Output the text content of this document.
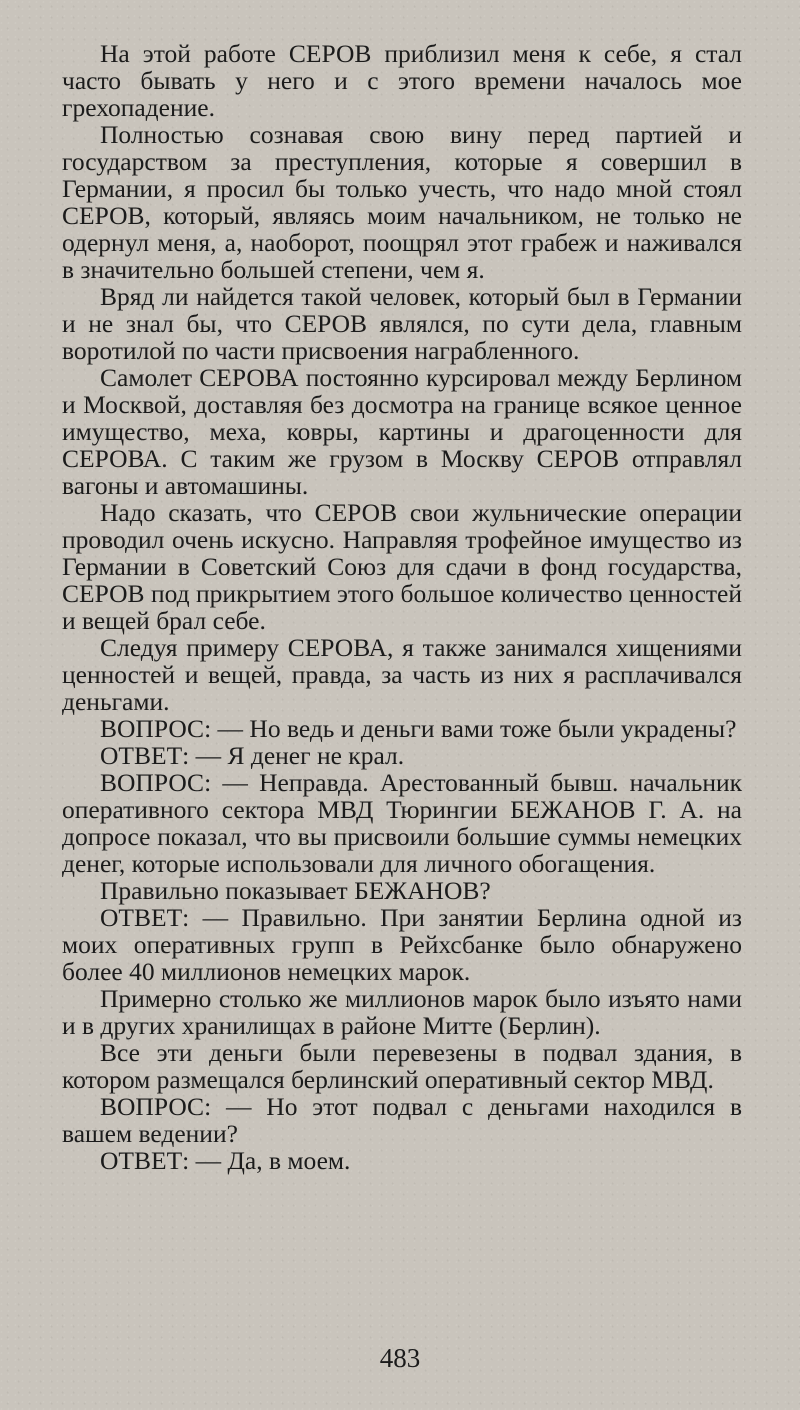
На этой работе СЕРОВ приблизил меня к себе, я стал часто бывать у него и с этого времени началось мое грехопадение.

Полностью сознавая свою вину перед партией и государством за преступления, которые я совершил в Германии, я просил бы только учесть, что надо мной стоял СЕРОВ, который, являясь моим начальником, не только не одернул меня, а, наоборот, поощрял этот грабеж и наживался в значительно большей степени, чем я.

Вряд ли найдется такой человек, который был в Германии и не знал бы, что СЕРОВ являлся, по сути дела, главным воротилой по части присвоения награбленного.

Самолет СЕРОВА постоянно курсировал между Берлином и Москвой, доставляя без досмотра на границе всякое ценное имущество, меха, ковры, картины и драгоценности для СЕРОВА. С таким же грузом в Москву СЕРОВ отправлял вагоны и автомашины.

Надо сказать, что СЕРОВ свои жульнические операции проводил очень искусно. Направляя трофейное имущество из Германии в Советский Союз для сдачи в фонд государства, СЕРОВ под прикрытием этого большое количество ценностей и вещей брал себе.

Следуя примеру СЕРОВА, я также занимался хищениями ценностей и вещей, правда, за часть из них я расплачивался деньгами.

ВОПРОС: — Но ведь и деньги вами тоже были украдены?

ОТВЕТ: — Я денег не крал.

ВОПРОС: — Неправда. Арестованный бывш. начальник оперативного сектора МВД Тюрингии БЕЖАНОВ Г. А. на допросе показал, что вы присвоили большие суммы немецких денег, которые использовали для личного обогащения.

Правильно показывает БЕЖАНОВ?

ОТВЕТ: — Правильно. При занятии Берлина одной из моих оперативных групп в Рейхсбанке было обнаружено более 40 миллионов немецких марок.

Примерно столько же миллионов марок было изъято нами и в других хранилищах в районе Митте (Берлин).

Все эти деньги были перевезены в подвал здания, в котором размещался берлинский оперативный сектор МВД.

ВОПРОС: — Но этот подвал с деньгами находился в вашем ведении?

ОТВЕТ: — Да, в моем.

483
